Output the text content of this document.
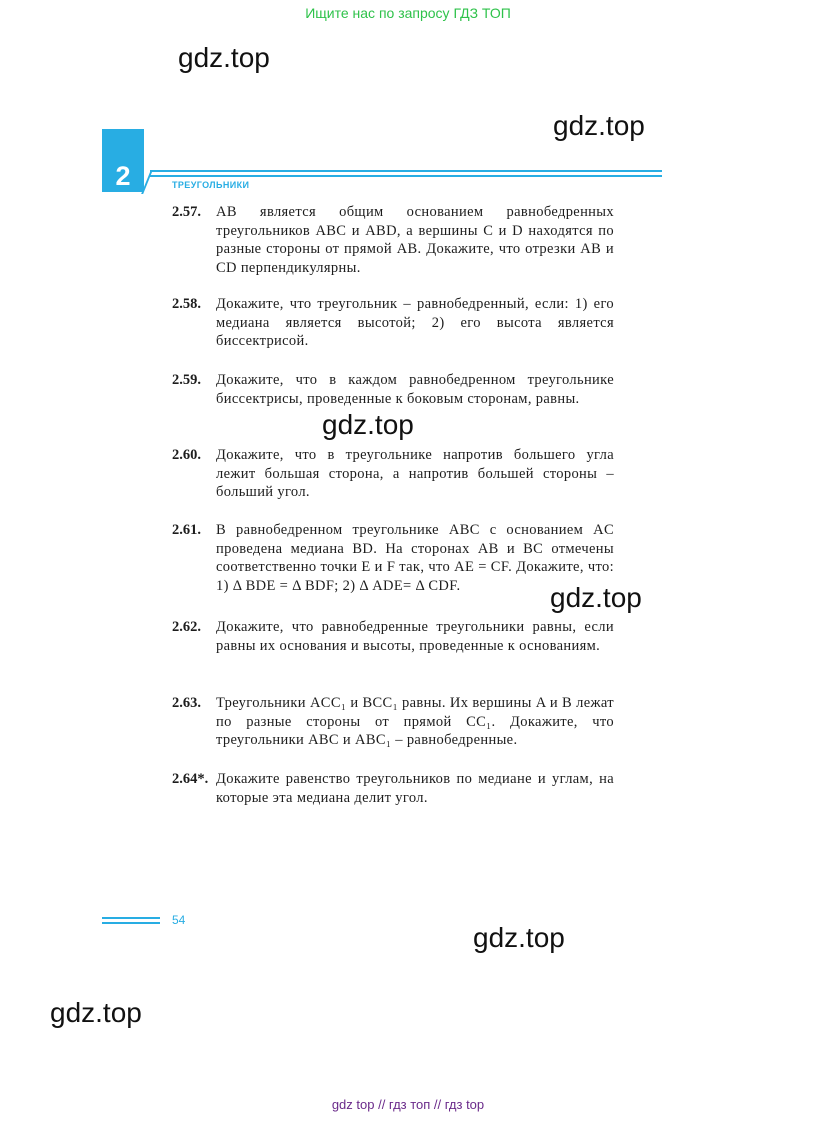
Ищите нас по запросу ГДЗ ТОП
gdz.top
gdz.top
gdz.top
gdz.top
gdz.top
gdz.top
2	ТРЕУГОЛЬНИКИ
2.57. AB является общим основанием равнобедренных треугольников ABC и ABD, а вершины C и D находятся по разные стороны от прямой AB. Докажите, что отрезки AB и CD перпендикулярны.
2.58. Докажите, что треугольник – равнобедренный, если: 1) его медиана является высотой; 2) его высота является биссектрисой.
2.59. Докажите, что в каждом равнобедренном треугольнике биссектрисы, проведенные к боковым сторонам, равны.
2.60. Докажите, что в треугольнике напротив большего угла лежит большая сторона, а напротив большей стороны – больший угол.
2.61. В равнобедренном треугольнике ABC с основанием AC проведена медиана BD. На сторонах AB и BC отмечены соответственно точки E и F так, что AE = CF. Докажите, что: 1) Δ BDE = Δ BDF; 2) Δ ADE= Δ CDF.
2.62. Докажите, что равнобедренные треугольники равны, если равны их основания и высоты, проведенные к основаниям.
2.63. Треугольники ACC₁ и BCC₁ равны. Их вершины A и B лежат по разные стороны от прямой CC₁. Докажите, что треугольники ABC и ABC₁ – равнобедренные.
2.64*. Докажите равенство треугольников по медиане и углам, на которые эта медиана делит угол.
54
gdz top // гдз топ // гдз top
